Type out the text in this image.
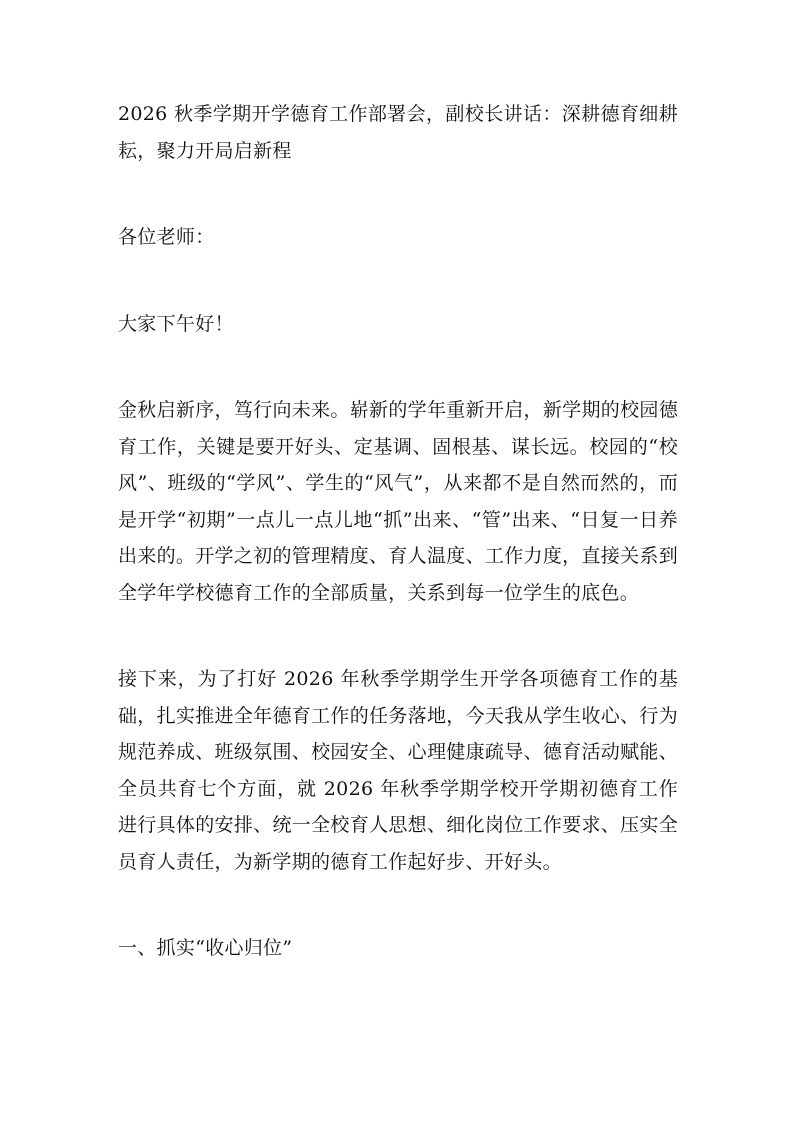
2026 秋季学期开学德育工作部署会，副校长讲话：深耕德育细耕耘，聚力开局启新程

各位老师：

大家下午好！

金秋启新序，笃行向未来。崭新的学年重新开启，新学期的校园德育工作，关键是要开好头、定基调、固根基、谋长远。校园的“校风”、班级的“学风”、学生的“风气”，从来都不是自然而然的，而是开学“初期”一点儿一点儿地“抓”出来、“管”出来、“日复一日养出来的。开学之初的管理精度、育人温度、工作力度，直接关系到全学年学校德育工作的全部质量，关系到每一位学生的底色。

接下来，为了打好 2026 年秋季学期学生开学各项德育工作的基础，扎实推进全年德育工作的任务落地，今天我从学生收心、行为规范养成、班级氛围、校园安全、心理健康疏导、德育活动赋能、全员共育七个方面，就 2026 年秋季学期学校开学期初德育工作进行具体的安排、统一全校育人思想、细化岗位工作要求、压实全员育人责任，为新学期的德育工作起好步、开好头。

一、抓实“收心归位”
